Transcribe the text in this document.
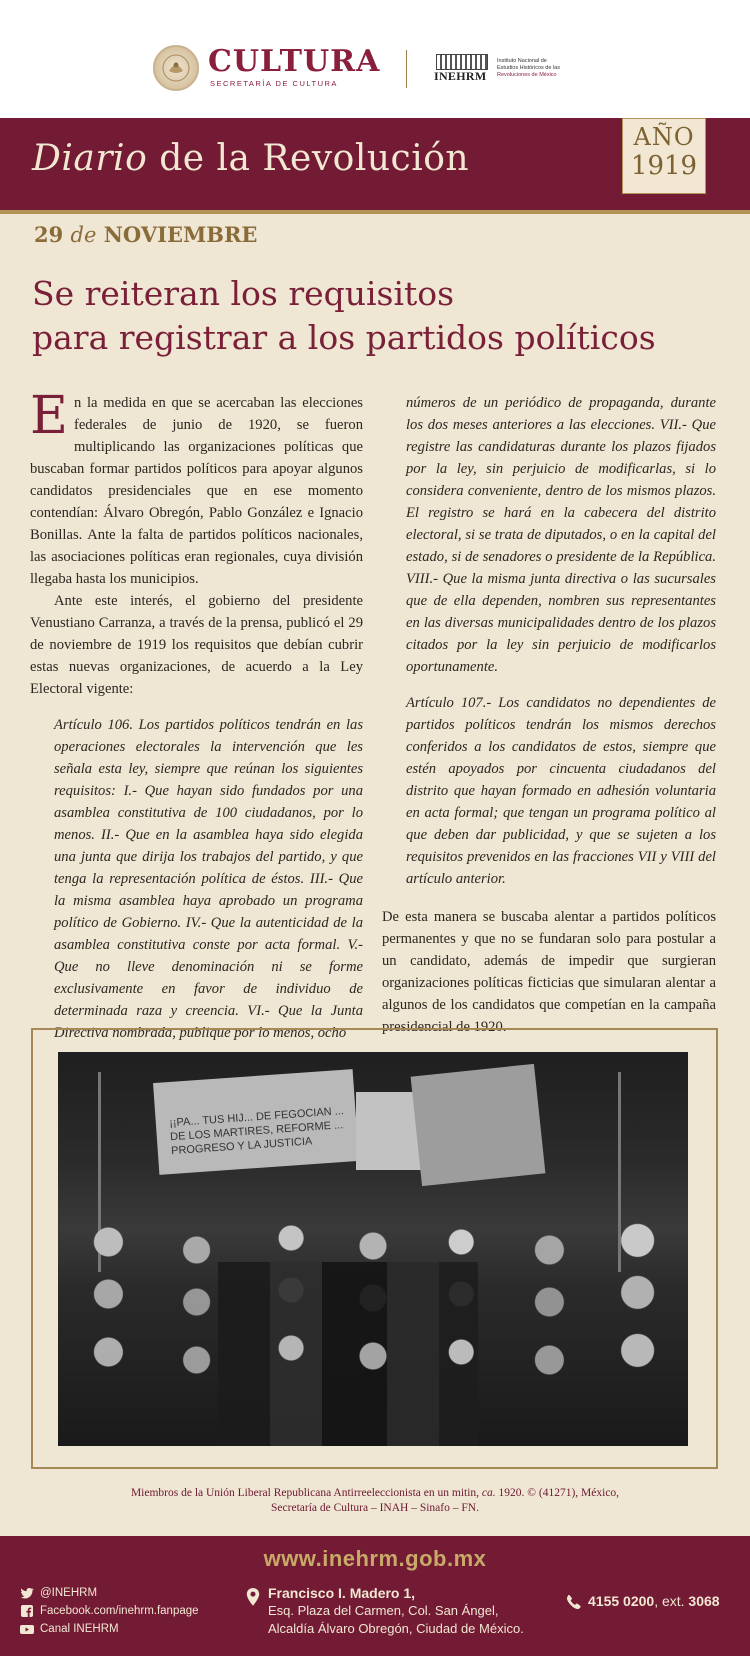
CULTURA
SECRETARÍA DE CULTURA
INEHRM
Instituto Nacional de
Estudios Históricos de las
Revoluciones de México
Diario de la Revolución
AÑO
1919
29 de NOVIEMBRE
Se reiteran los requisitos
para registrar a los partidos políticos

En la medida en que se acercaban las elecciones federales de junio de 1920, se fueron multiplicando las organizaciones políticas que buscaban formar partidos políticos para apoyar algunos candidatos presidenciales que en ese momento contendían: Álvaro Obregón, Pablo González e Ignacio Bonillas. Ante la falta de partidos políticos nacionales, las asociaciones políticas eran regionales, cuya división llegaba hasta los municipios.

Ante este interés, el gobierno del presidente Venustiano Carranza, a través de la prensa, publicó el 29 de noviembre de 1919 los requisitos que debían cubrir estas nuevas organizaciones, de acuerdo a la Ley Electoral vigente:

Artículo 106. Los partidos políticos tendrán en las operaciones electorales la intervención que les señala esta ley, siempre que reúnan los siguientes requisitos: I.- Que hayan sido fundados por una asamblea constitutiva de 100 ciudadanos, por lo menos. II.- Que en la asamblea haya sido elegida una junta que dirija los trabajos del partido, y que tenga la representación política de éstos. III.- Que la misma asamblea haya aprobado un programa político de Gobierno. IV.- Que la autenticidad de la asamblea constitutiva conste por acta formal. V.- Que no lleve denominación ni se forme exclusivamente en favor de individuo de determinada raza y creencia. VI.- Que la Junta Directiva nombrada, publique por lo menos, ocho

números de un periódico de propaganda, durante los dos meses anteriores a las elecciones. VII.- Que registre las candidaturas durante los plazos fijados por la ley, sin perjuicio de modificarlas, si lo considera conveniente, dentro de los mismos plazos. El registro se hará en la cabecera del distrito electoral, si se trata de diputados, o en la capital del estado, si de senadores o presidente de la República. VIII.- Que la misma junta directiva o las sucursales que de ella dependen, nombren sus representantes en las diversas municipalidades dentro de los plazos citados por la ley sin perjuicio de modificarlos oportunamente.

Artículo 107.- Los candidatos no dependientes de partidos políticos tendrán los mismos derechos conferidos a los candidatos de estos, siempre que estén apoyados por cincuenta ciudadanos del distrito que hayan formado en adhesión voluntaria en acta formal; que tengan un programa político al que deben dar publicidad, y que se sujeten a los requisitos prevenidos en las fracciones VII y VIII del artículo anterior.

De esta manera se buscaba alentar a partidos políticos permanentes y que no se fundaran solo para postular a un candidato, además de impedir que surgieran organizaciones políticas ficticias que simularan alentar a algunos de los candidatos que competían en la campaña presidencial de 1920.

¡¡PA... TUS HIJ... DE FEGOCIAN ... DE LOS MARTIRES, REFORME ... PROGRESO Y LA JUSTICIA
Miembros de la Unión Liberal Republicana Antirreeleccionista en un mitin, ca. 1920. © (41271), México,
Secretaría de Cultura – INAH – Sinafo – FN.
www.inehrm.gob.mx
@INEHRM
Facebook.com/inehrm.fanpage
Canal INEHRM
Francisco I. Madero 1,
Esq. Plaza del Carmen, Col. San Ángel,
Alcaldía Álvaro Obregón, Ciudad de México.
4155 0200, ext. 3068
